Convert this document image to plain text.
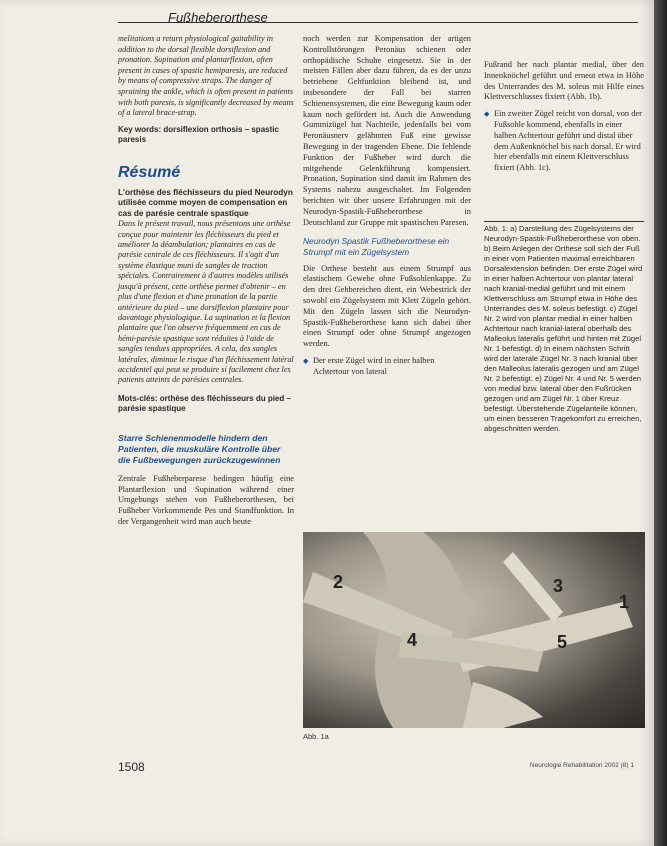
Fußheberorthese

melitations a return physiological gaitability in addition to the dorsal flexible dorsiflexion and pronation. Supination and plantarflexion, often present in cases of spastic hemiparesis, are reduced by means of compressive straps. The danger of spraining the ankle, which is often present in patients with both paresis, is significantly decreased by means of a lateral brace-strap.

Key words: dorsiflexion orthosis – spastic paresis

Résumé

L'orthèse des fléchisseurs du pied Neurodyn utilisée comme moyen de compensation en cas de parésie centrale spastique

Dans le présent travail, nous présentons une orthèse conçue pour maintenir les fléchisseurs du pied et améliorer la déambulation; plantaires en cas de parésie centrale de ces fléchisseurs. Il s'agit d'un système élastique muni de sangles de traction spéciales. Contrairement à d'autres modèles utilisés jusqu'à présent, cette orthèse permet d'obtenir – en plus d'une flexion et d'une pronation de la partie antérieure du pied – une dorsiflexion plantaire pour davantage physiologique. La supination et la flexion plantaire que l'on observe fréquemment en cas de hémi-parésie spastique sont réduites à l'aide de sangles tendues appropriées. A cela, des sangles latérales, diminue le risque d'un fléchissement latéral accidentel qui peut se produire si facilement chez les patients atteints de parésies centrales.

Mots-clés: orthèse des fléchisseurs du pied – parésie spastique

Starre Schienenmodelle hindern den Patienten, die muskuläre Kontrolle über die Fußbewegungen zurückzugewinnen

Zentrale Fußheberparese bedingen häufig eine Plantarflexion und Supination während einer Umgebungs stehen von Fußheberorthesen, bei Fußheber Vorkommende Pes und Standfunktion. In der Vergangenheit wird man auch heute

noch werden zur Kompensation der artigen Kontrollstörungen Peronäus schienen oder orthopädische Schuhe eingesetzt. Sie in der meisten Fällen aber dazu führen, da es der unzu betriebene Gehfunktion bleibend ist, und insbesondere der Fall bei starren Schienensystemen, die eine Bewegung kaum oder kaum noch gefördert ist. Auch die Anwendung Gummizügel hat Nachteile, jedenfalls bei vom Peronäusnerv gelähmten Fuß eine gewisse Bewegung in der tragenden Ebene. Die fehlende Funktion der Fußheber wird durch die mitgehende Gelenkführung kompensiert. Pronation, Supination sind damit im Rahmen des Systems nahezu ausgeschaltet. Im Folgenden berichten wir über unsere Erfahrungen mit der Neurodyn-Spastik-Fußheberorthese in Deutschland zur Gruppe mit spastischen Paresen.

Neurodyn Spastik Fußheberorthese ein Strumpf mit ein Zügelsystem

Die Orthese besteht aus einem Strumpf aus elastischem Gewebe ohne Fußsohlenkappe. Zu den drei Gehbereichen dient, ein Webestrick der sowohl ein Zügelsystem mit Klett Zügeln gehört. Mit den Zügeln lassen sich die Neurodyn-Spastik-Fußheberorthese kann sich dabei über einen Strumpf oder ohne Strumpf angezogen werden.

◆ Der erste Zügel wird in einer halben Achtertour von lateral

Fußrand her nach plantar medial, über den Innenknöchel geführt und erneut etwa in Höhe des Unterrandes des M. soleus mit Hilfe eines Klettverschlusses fixiert (Abb. 1b).

◆ Ein zweiter Zügel reicht von dorsal, von der Fußsohle kommend, ebenfalls in einer halben Achtertour geführt und distal über dem Außenknöchel bis nach dorsal. Er wird hier ebenfalls mit einem Klettverschluss fixiert (Abb. 1c).
Abb. 1: a) Darstellung des Zügelsystems der Neurodyn-Spastik-Fußheberorthese von oben. b) Beim Anlegen der Orthese soll sich der Fuß in einer vom Patienten maximal erreichbaren Dorsalextension befinden. Der erste Zügel wird in einer halben Achtertour von plantar lateral nach kranial-medial geführt und mit einem Klettverschluss am Strumpf etwa in Höhe des Unterrandes des M. soleus befestigt. c) Zügel Nr. 2 wird von plantar medial in einer halben Achtertour nach kranial-lateral oberhalb des Malleolus lateralis geführt und hinten mit Zügel Nr. 1 befestigt. d) In einem nächsten Schritt wird der laterale Zügel Nr. 3 nach kranial über den Malleolus lateralis gezogen und am Zügel Nr. 2 befestigt. e) Zügel Nr. 4 und Nr. 5 werden von medial bzw. lateral über den Fußrücken gezogen und am Zügel Nr. 1 über Kreuz befestigt. Überstehende Zügelanteile können, um einen besseren Tragekomfort zu erreichen, abgeschnitten werden.
2	3
1
4	5
Abb. 1a
1508	Neurologie Rehabilitation 2002 (8) 1
